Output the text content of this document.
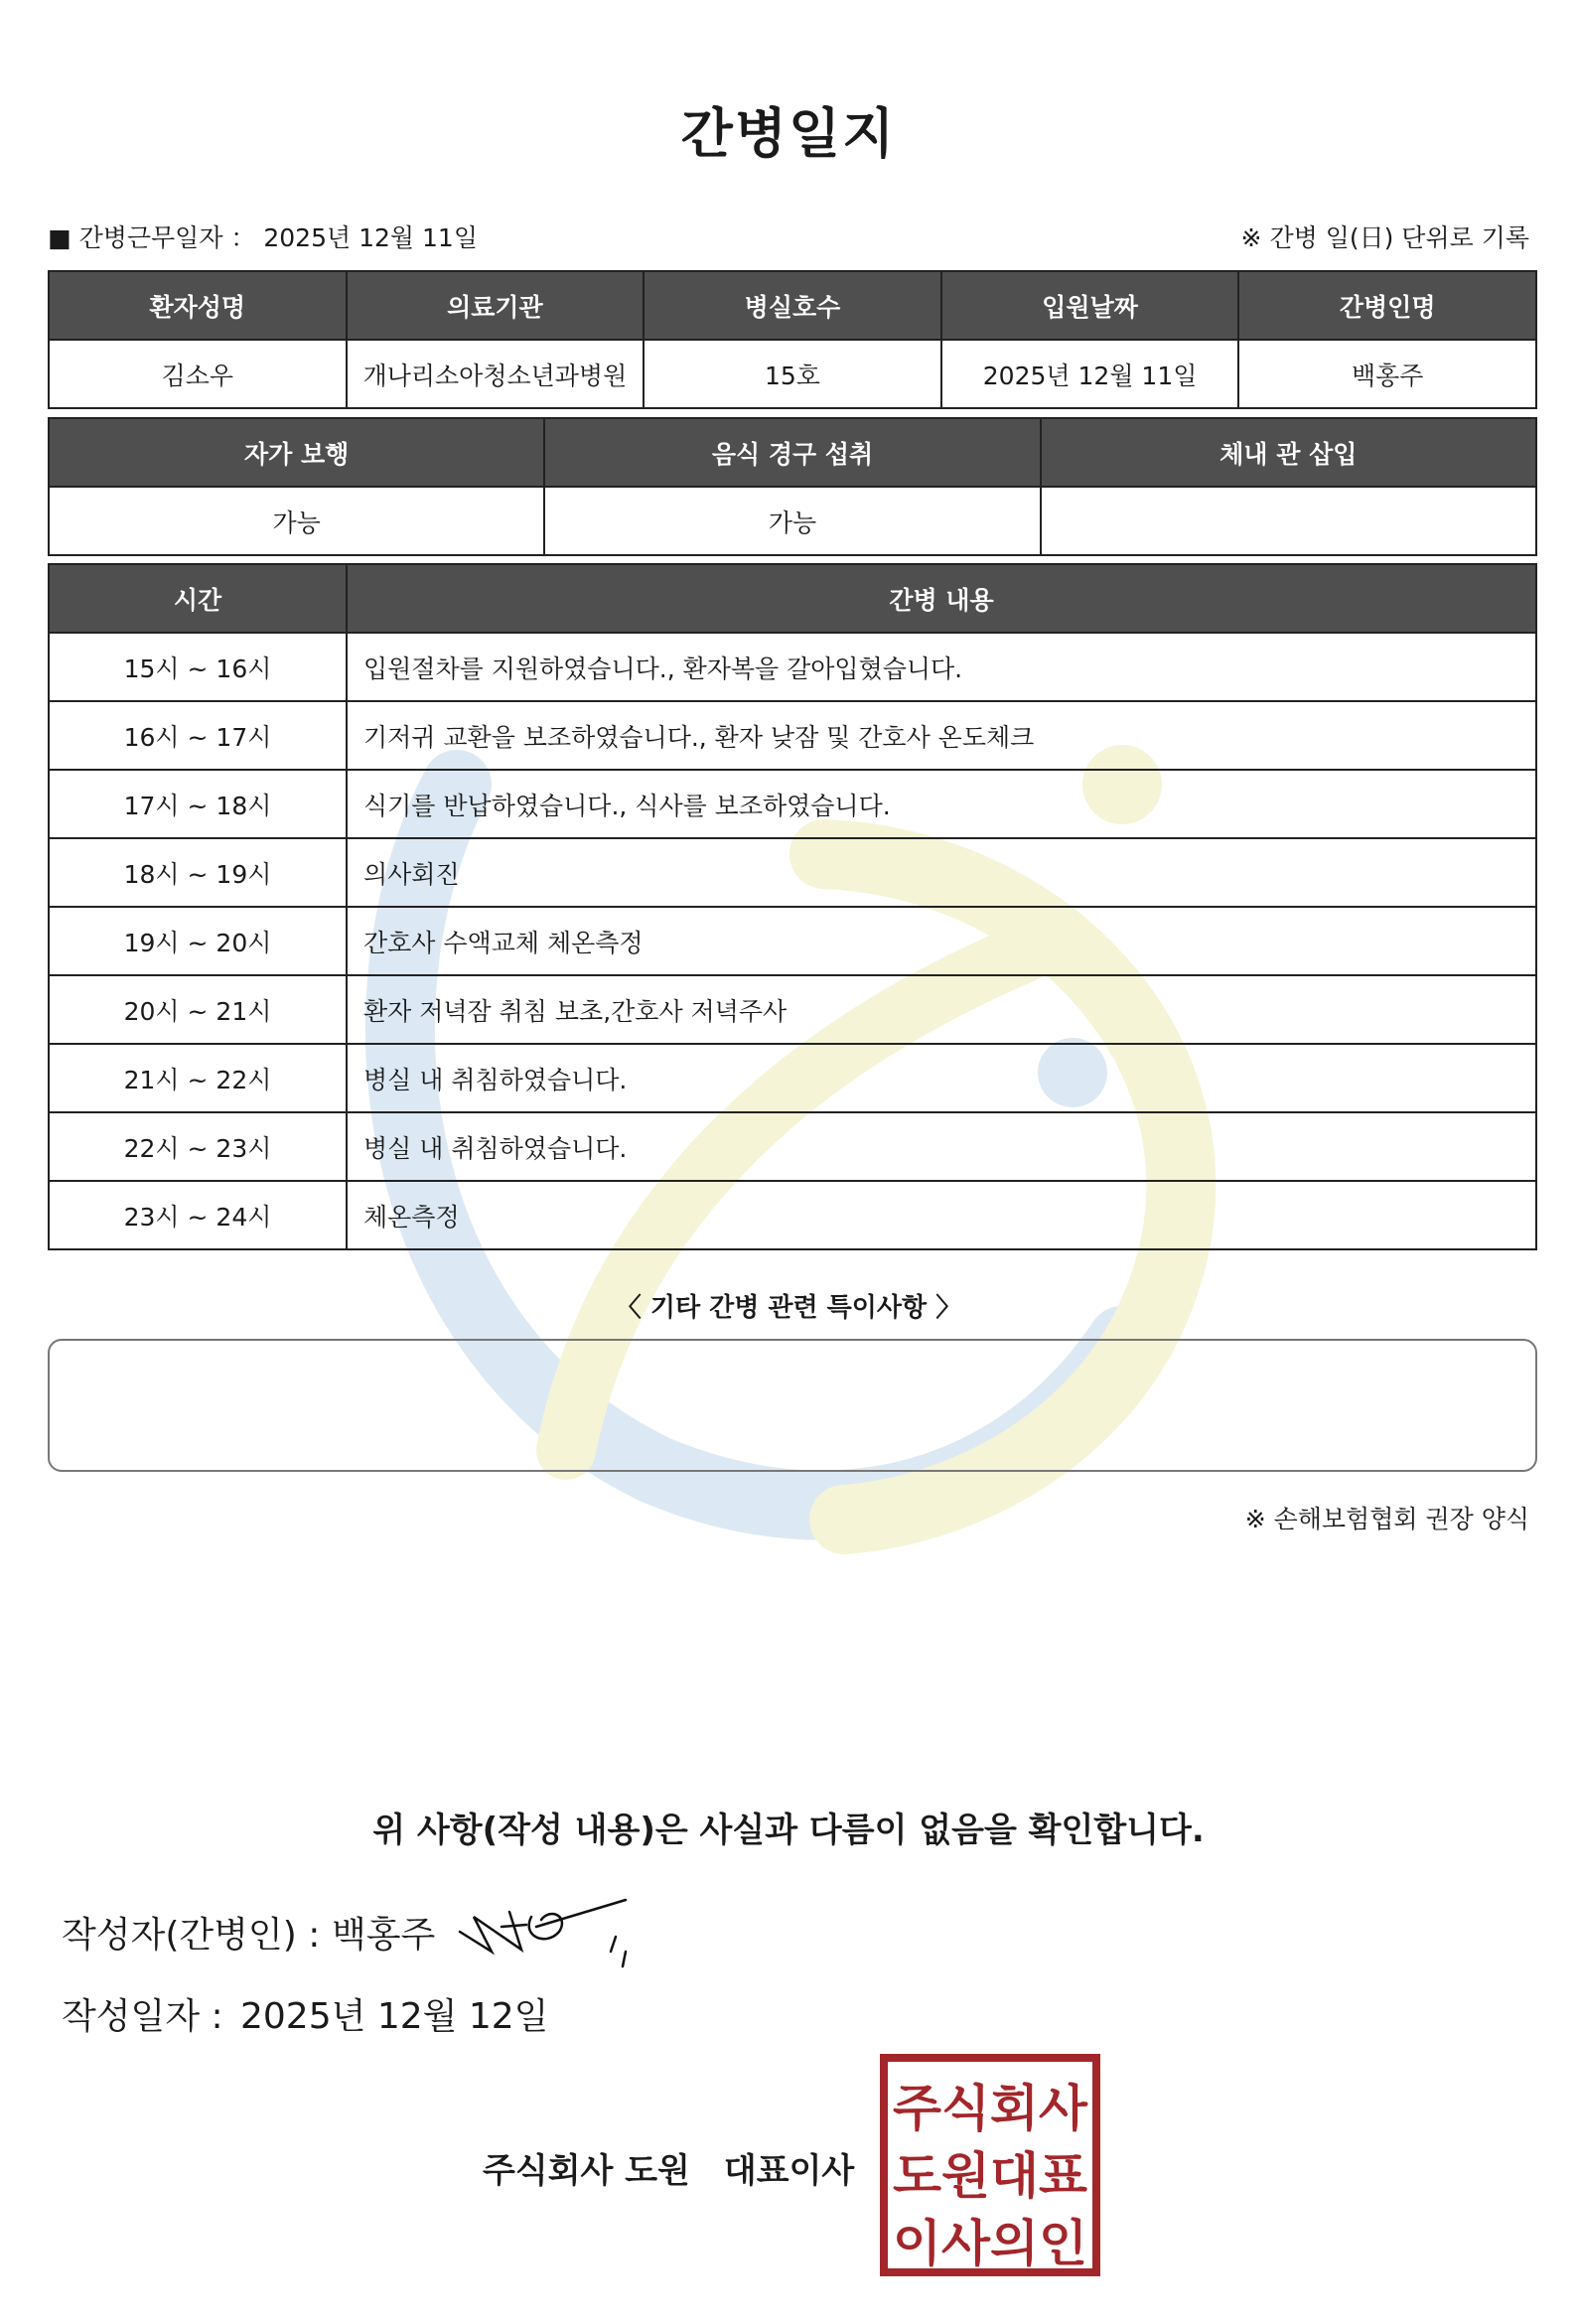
간병일지
■ 간병근무일자 ： 2025년 12월 11일	※ 간병 일(日) 단위로 기록
환자성명	의료기관	병실호수	입원날짜	간병인명
김소우	개나리소아청소년과병원	15호	2025년 12월 11일	백홍주
자가 보행	음식 경구 섭취	체내 관 삽입
가능	가능	
시간	간병 내용
15시 ~ 16시	입원절차를 지원하였습니다., 환자복을 갈아입혔습니다.
16시 ~ 17시	기저귀 교환을 보조하였습니다., 환자 낮잠 및 간호사 온도체크
17시 ~ 18시	식기를 반납하였습니다., 식사를 보조하였습니다.
18시 ~ 19시	의사회진
19시 ~ 20시	간호사 수액교체 체온측정
20시 ~ 21시	환자 저녁잠 취침 보초,간호사 저녁주사
21시 ~ 22시	병실 내 취침하였습니다.
22시 ~ 23시	병실 내 취침하였습니다.
23시 ~ 24시	체온측정
〈 기타 간병 관련 특이사항 〉
※ 손해보험협회 권장 양식
위 사항(작성 내용)은 사실과 다름이 없음을 확인합니다.
작성자(간병인) : 백홍주
작성일자 : 2025년 12월 12일
주식회사 도원　대표이사
주식회사
도원대표
이사의인
